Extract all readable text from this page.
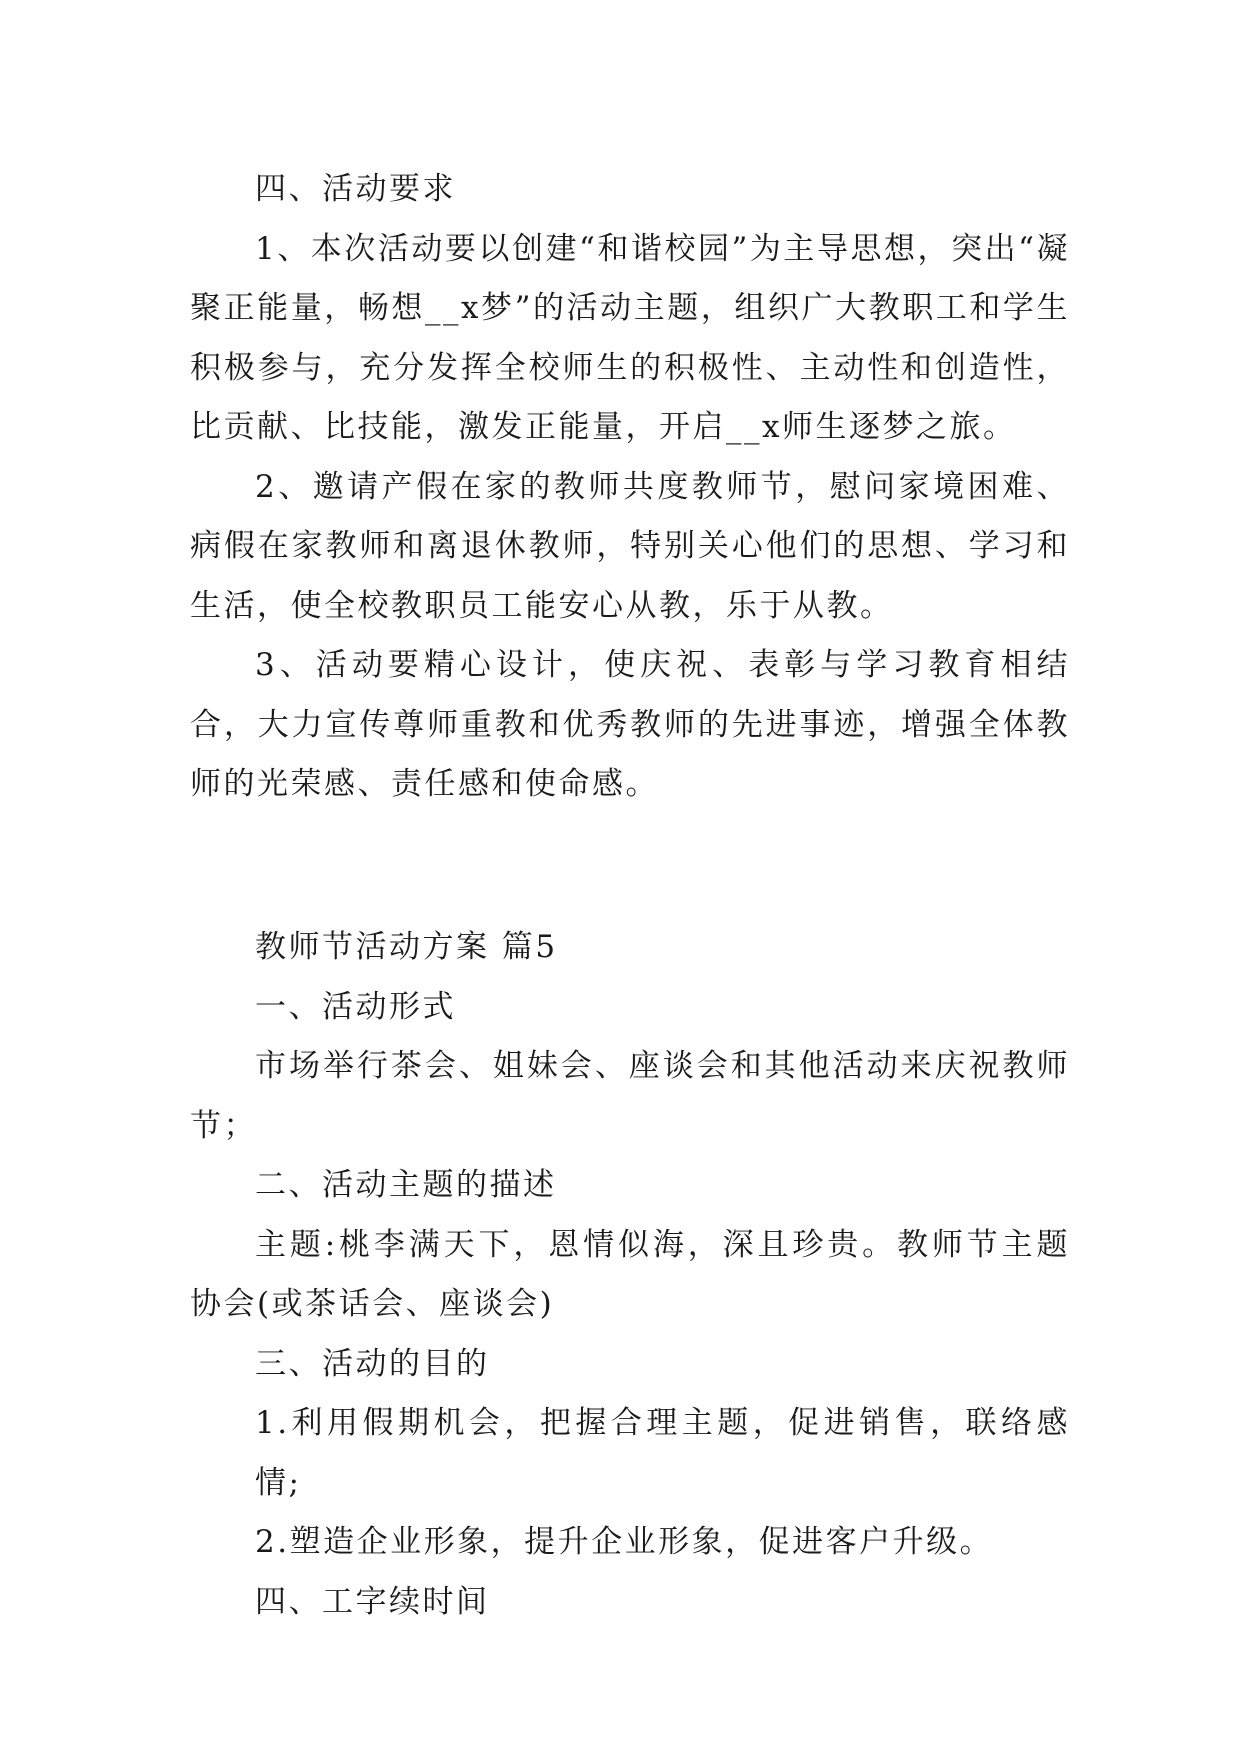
四、活动要求

1、本次活动要以创建“和谐校园”为主导思想，突出“凝聚正能量，畅想__x梦”的活动主题，组织广大教职工和学生积极参与，充分发挥全校师生的积极性、主动性和创造性，比贡献、比技能，激发正能量，开启__x师生逐梦之旅。

2、邀请产假在家的教师共度教师节，慰问家境困难、病假在家教师和离退休教师，特别关心他们的思想、学习和生活，使全校教职员工能安心从教，乐于从教。

3、活动要精心设计，使庆祝、表彰与学习教育相结合，大力宣传尊师重教和优秀教师的先进事迹，增强全体教师的光荣感、责任感和使命感。

教师节活动方案 篇5

一、活动形式

市场举行茶会、姐妹会、座谈会和其他活动来庆祝教师节；

二、活动主题的描述

主题:桃李满天下，恩情似海，深且珍贵。教师节主题协会(或茶话会、座谈会)

三、活动的目的

1.利用假期机会，把握合理主题，促进销售，联络感情;

2.塑造企业形象，提升企业形象，促进客户升级。

四、工字续时间
